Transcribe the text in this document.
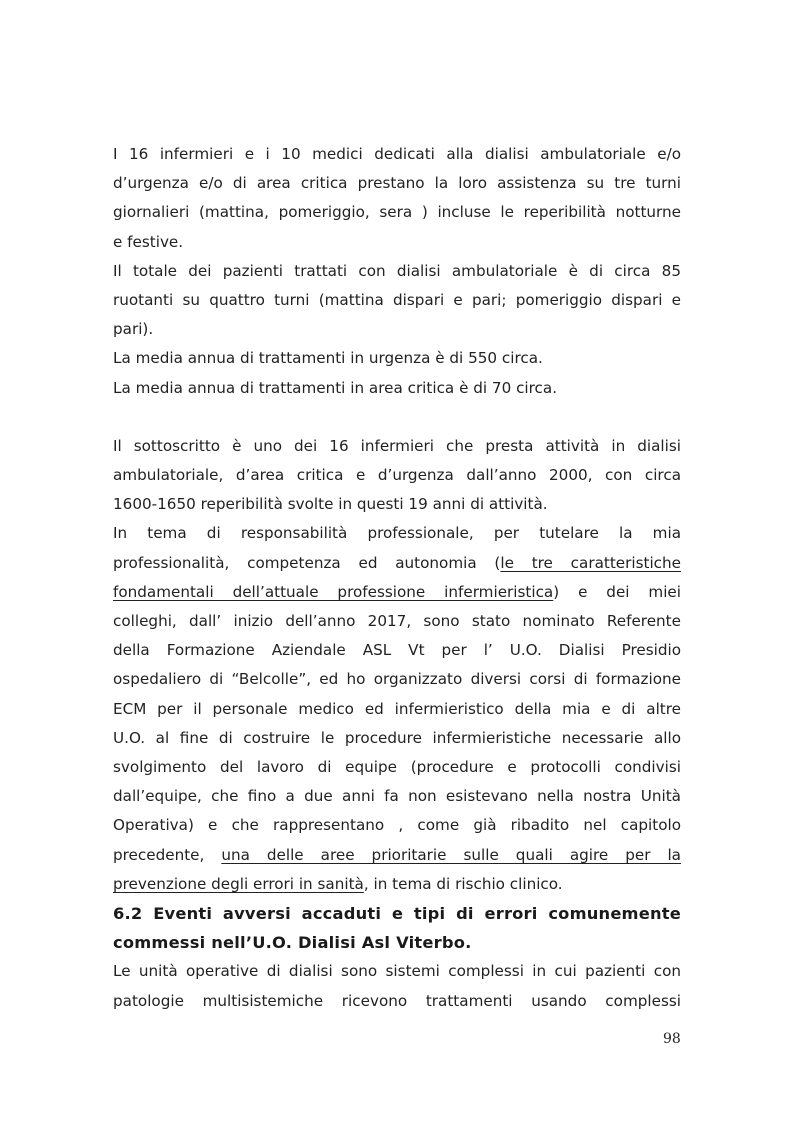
I 16 infermieri e i 10 medici dedicati alla dialisi ambulatoriale e/o
d’urgenza e/o di area critica prestano la loro assistenza su tre turni
giornalieri (mattina, pomeriggio, sera ) incluse le reperibilità notturne
e festive.

Il totale dei pazienti trattati con dialisi ambulatoriale è di circa 85
ruotanti su quattro turni (mattina dispari e pari; pomeriggio dispari e
pari).

La media annua di trattamenti in urgenza è di 550 circa.

La media annua di trattamenti in area critica è di 70 circa.

Il sottoscritto è uno dei 16 infermieri che presta attività in dialisi
ambulatoriale, d’area critica e d’urgenza dall’anno 2000, con circa
1600-1650 reperibilità svolte in questi 19 anni di attività.

In tema di responsabilità professionale, per tutelare la mia
professionalità, competenza ed autonomia (le tre caratteristiche
fondamentali dell’attuale professione infermieristica) e dei miei
colleghi, dall’ inizio dell’anno 2017, sono stato nominato Referente
della Formazione Aziendale ASL Vt per l’ U.O. Dialisi Presidio
ospedaliero di “Belcolle”, ed ho organizzato diversi corsi di formazione
ECM per il personale medico ed infermieristico della mia e di altre
U.O. al fine di costruire le procedure infermieristiche necessarie allo
svolgimento del lavoro di equipe (procedure e protocolli condivisi
dall’equipe, che fino a due anni fa non esistevano nella nostra Unità
Operativa) e che rappresentano , come già ribadito nel capitolo
precedente, una delle aree prioritarie sulle quali agire per la
prevenzione degli errori in sanità, in tema di rischio clinico.

6.2 Eventi avversi accaduti e tipi di errori comunemente
commessi nell’U.O. Dialisi Asl Viterbo.

Le unità operative di dialisi sono sistemi complessi in cui pazienti con
patologie multisistemiche ricevono trattamenti usando complessi

98
